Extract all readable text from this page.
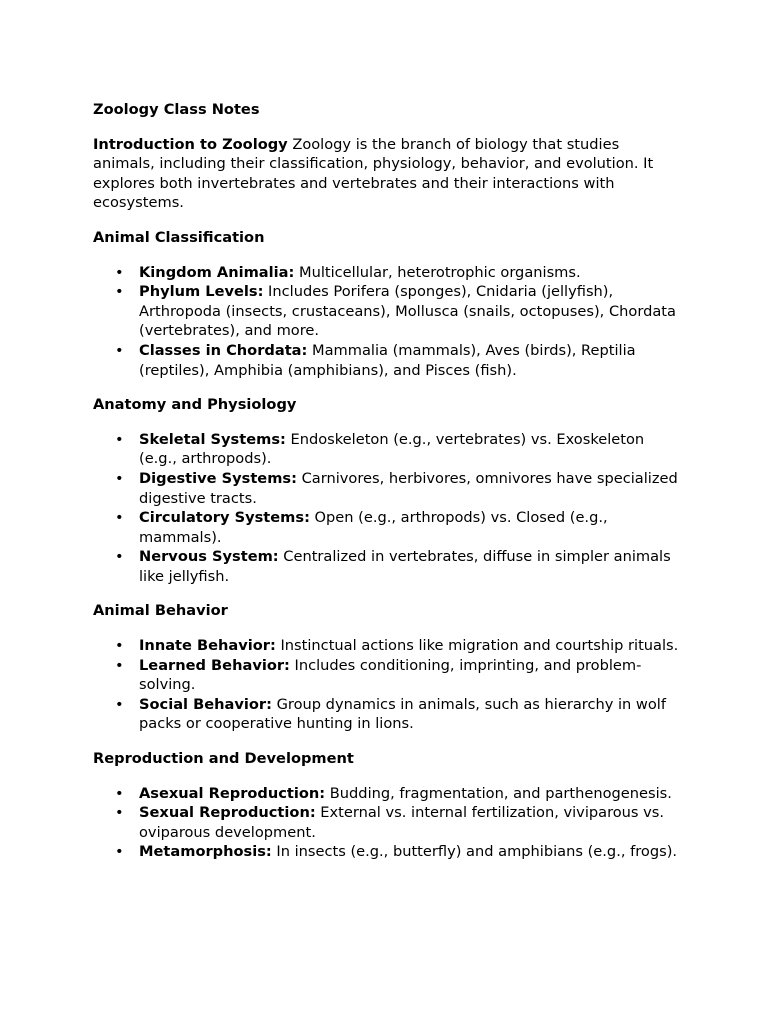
Zoology Class Notes

Introduction to Zoology Zoology is the branch of biology that studies animals, including their classification, physiology, behavior, and evolution. It explores both invertebrates and vertebrates and their interactions with ecosystems.

Animal Classification
• Kingdom Animalia: Multicellular, heterotrophic organisms.
• Phylum Levels: Includes Porifera (sponges), Cnidaria (jellyfish), Arthropoda (insects, crustaceans), Mollusca (snails, octopuses), Chordata (vertebrates), and more.
• Classes in Chordata: Mammalia (mammals), Aves (birds), Reptilia (reptiles), Amphibia (amphibians), and Pisces (fish).
Anatomy and Physiology
• Skeletal Systems: Endoskeleton (e.g., vertebrates) vs. Exoskeleton (e.g., arthropods).
• Digestive Systems: Carnivores, herbivores, omnivores have specialized digestive tracts.
• Circulatory Systems: Open (e.g., arthropods) vs. Closed (e.g., mammals).
• Nervous System: Centralized in vertebrates, diffuse in simpler animals like jellyfish.
Animal Behavior
• Innate Behavior: Instinctual actions like migration and courtship rituals.
• Learned Behavior: Includes conditioning, imprinting, and problem-solving.
• Social Behavior: Group dynamics in animals, such as hierarchy in wolf packs or cooperative hunting in lions.
Reproduction and Development
• Asexual Reproduction: Budding, fragmentation, and parthenogenesis.
• Sexual Reproduction: External vs. internal fertilization, viviparous vs. oviparous development.
• Metamorphosis: In insects (e.g., butterfly) and amphibians (e.g., frogs).
